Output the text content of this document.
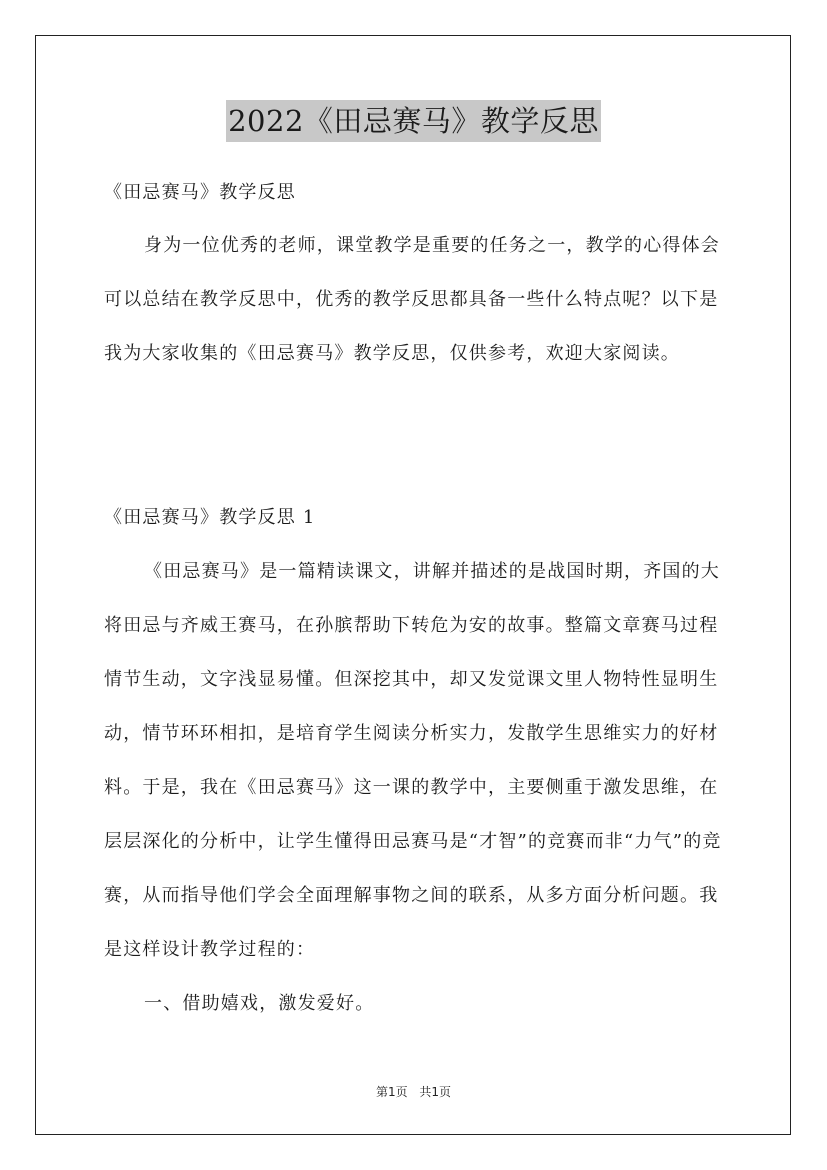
2022《田忌赛马》教学反思

《田忌赛马》教学反思

身为一位优秀的老师，课堂教学是重要的任务之一，教学的心得体会可以总结在教学反思中，优秀的教学反思都具备一些什么特点呢？以下是我为大家收集的《田忌赛马》教学反思，仅供参考，欢迎大家阅读。

《田忌赛马》教学反思 1

《田忌赛马》是一篇精读课文，讲解并描述的是战国时期，齐国的大将田忌与齐威王赛马，在孙膑帮助下转危为安的故事。整篇文章赛马过程情节生动，文字浅显易懂。但深挖其中，却又发觉课文里人物特性显明生动，情节环环相扣，是培育学生阅读分析实力，发散学生思维实力的好材料。于是，我在《田忌赛马》这一课的教学中，主要侧重于激发思维，在层层深化的分析中，让学生懂得田忌赛马是“才智”的竞赛而非“力气”的竞赛，从而指导他们学会全面理解事物之间的联系，从多方面分析问题。我是这样设计教学过程的：

一、借助嬉戏，激发爱好。

第1页 共1页
